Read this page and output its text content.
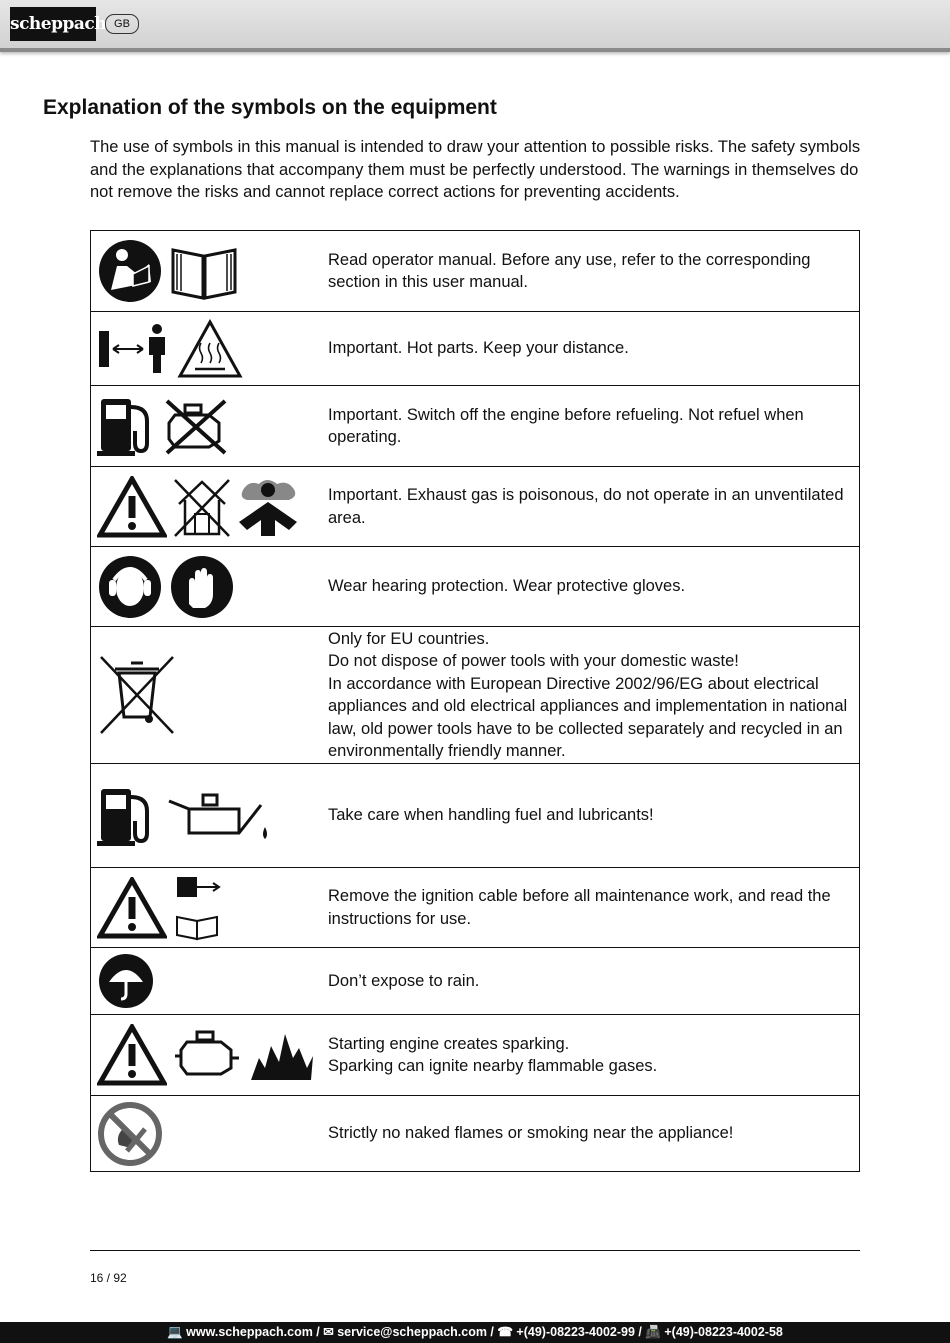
scheppach GB
Explanation of the symbols on the equipment

The use of symbols in this manual is intended to draw your attention to possible risks. The safety symbols and the explanations that accompany them must be perfectly understood. The warnings in themselves do not remove the risks and cannot replace correct actions for preventing accidents.

Read operator manual. Before any use, refer to the corresponding section in this user manual.

Important. Hot parts. Keep your distance.

Important. Switch off the engine before refueling. Not refuel when operating.

Important. Exhaust gas is poisonous, do not operate in an unventilated area.

Wear hearing protection. Wear protective gloves.

Only for EU countries.
Do not dispose of power tools with your domestic waste!
In accordance with European Directive 2002/96/EG about electrical appliances and old electrical appliances and implementation in national law, old power tools have to be collected separately and recycled in an environmentally friendly manner.

Take care when handling fuel and lubricants!

Remove the ignition cable before all maintenance work, and read the instructions for use.

Don’t expose to rain.

Starting engine creates sparking.
Sparking can ignite nearby flammable gases.

Strictly no naked flames or smoking near the appliance!
16 / 92
💻 www.scheppach.com / ✉ service@scheppach.com / ☎ +(49)-08223-4002-99 / 📠 +(49)-08223-4002-58
